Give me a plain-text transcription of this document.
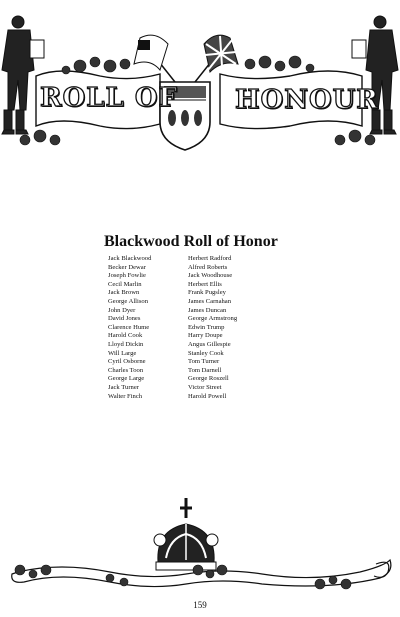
ROLL OF HONOUR
Blackwood Roll of Honor
Jack Blackwood
Becker Dewar
Joseph Fowlie
Cecil Marlin
Jack Brown
George Allison
John Dyer
David Jones
Clarence Hume
Harold Cook
Lloyd Dickin
Will Large
Cyril Osborne
Charles Toon
George Large
Jack Turner
Walter Finch
Herbert Radford
Alfred Roberts
Jack Woodhouse
Herbert Ellis
Frank Pugsley
James Carnahan
James Duncan
George Armstrong
Edwin Trump
Harry Doupe
Angus Gillespie
Stanley Cook
Tom Turner
Tom Darnell
George Roszell
Victor Street
Harold Powell
159
